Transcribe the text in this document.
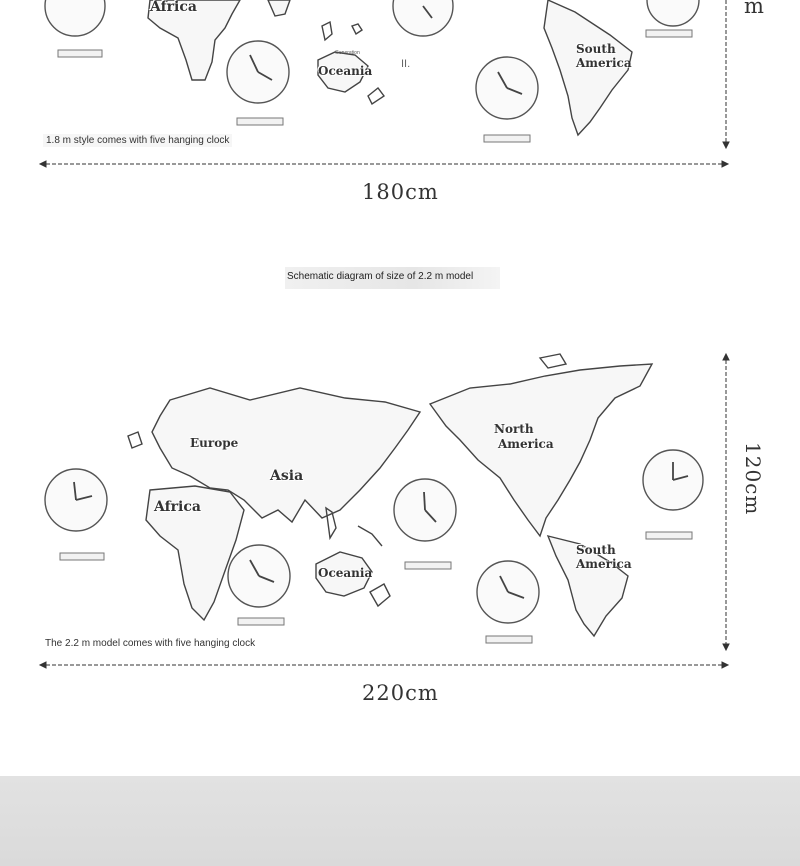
Africa
Oceania
South
America
Generation
II.
1.8 m style comes with five hanging clock
180cm
m
Schematic diagram of size of 2.2 m model
Europe
Asia
Africa
Oceania
North
America
South
America
The 2.2 m model comes with five hanging clock
220cm
120cm
